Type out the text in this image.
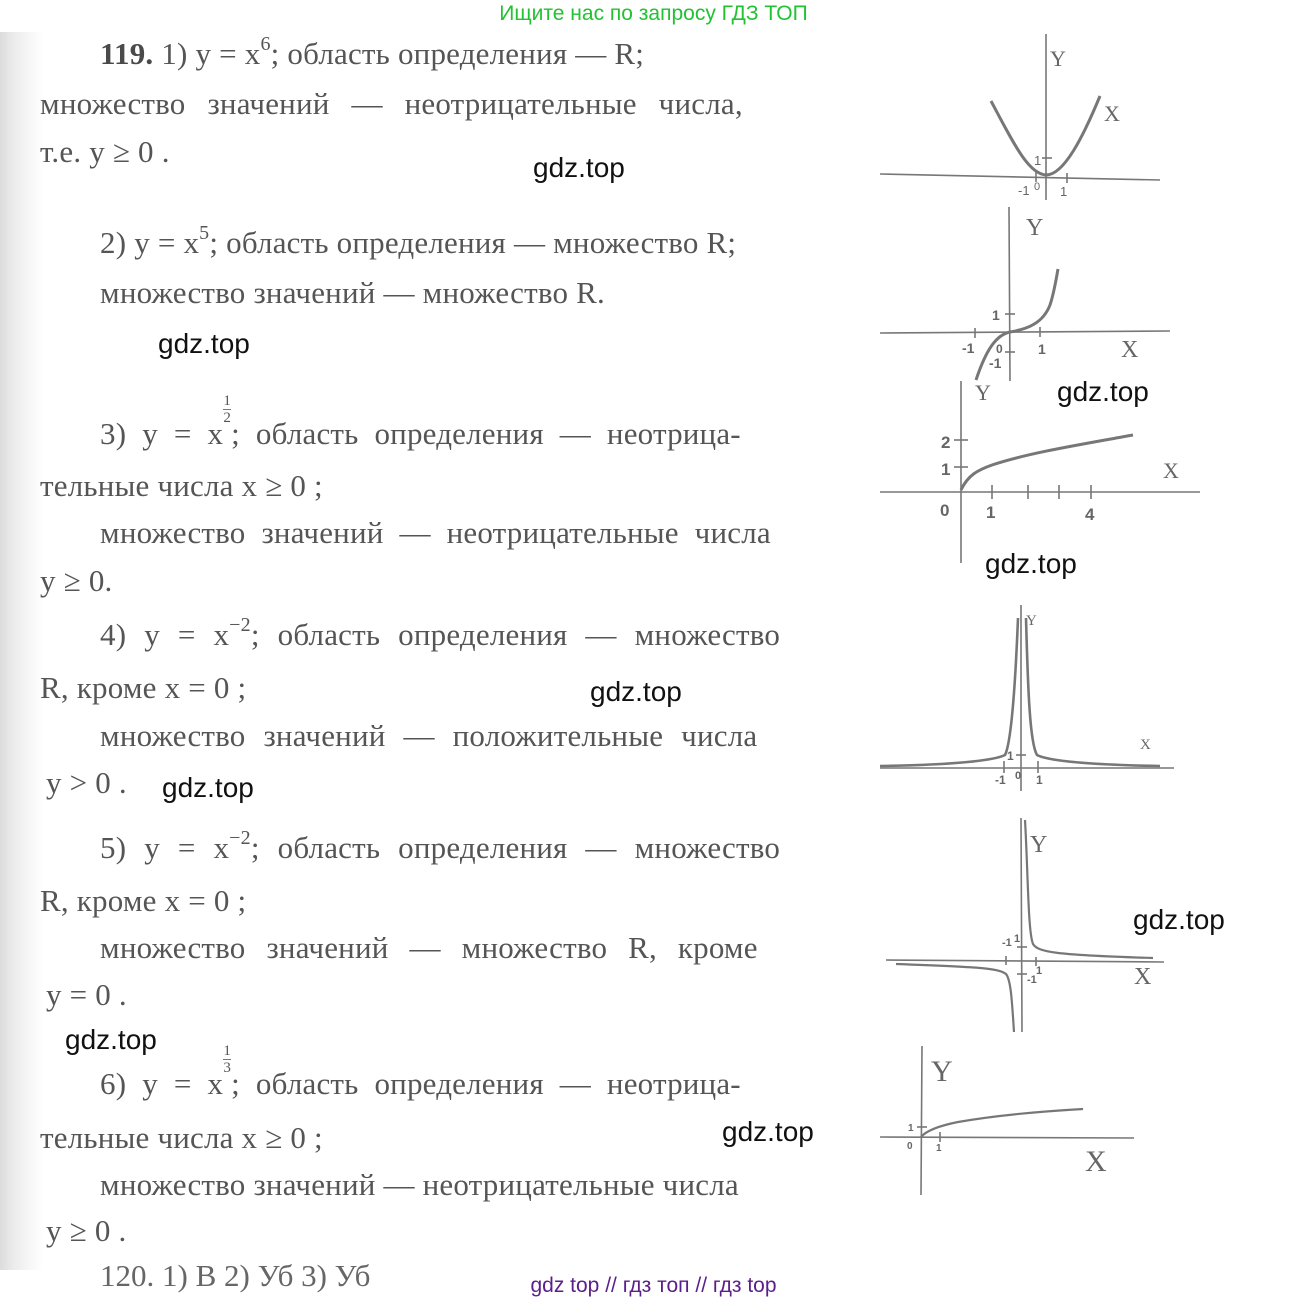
Ищите нас по запросу ГДЗ ТОП
119. 1) $y = x^6$; область определения — R;
множество значений — неотрицательные числа,
т.е. y ≥ 0 .
2) $y = x^5$; область определения — множество R;
множество значений — множество R.
3) y = x
$\frac{1}{2}$
; область определения — неотрица-
тельные числа x ≥ 0 ;
множество значений — неотрицательные числа
y ≥ 0.
4) $y = x^{-2}$; область определения — множество
R, кроме x = 0 ;
множество значений — положительные числа
y > 0 .
5) $y = x^{-2}$; область определения — множество
R, кроме x = 0 ;
множество значений — множество R, кроме
y = 0 .
6) y = x
$\frac{1}{3}$
; область определения — неотрица-
тельные числа x ≥ 0 ;
множество значений — неотрицательные числа
y ≥ 0 .
120. 1) В 2) Уб 3) Уб
1
-1 0 1
Y
X
1
-1 0
-1
1
Y
X
2
1
0 1	4
Y
X
1
-1 0 1
Y
X
-1 1
1
-1
Y
X
1
0 1
Y
X
gdz.top
gdz.top
gdz.top
gdz.top
gdz.top
gdz.top
gdz.top
gdz.top
gdz.top
gdz top // гдз топ // гдз top
